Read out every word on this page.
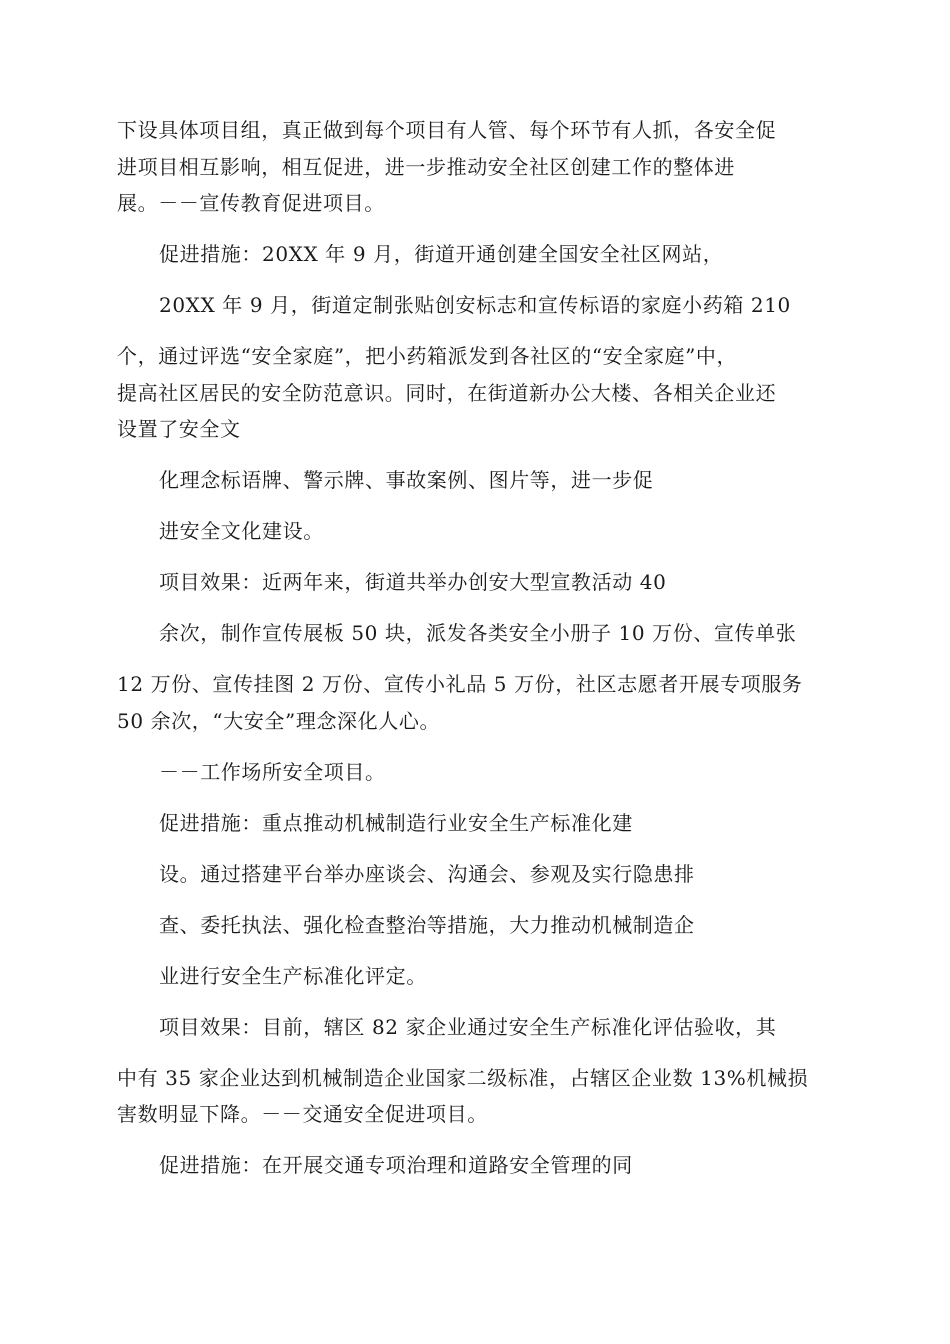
下设具体项目组，真正做到每个项目有人管、每个环节有人抓，各安全促
进项目相互影响，相互促进，进一步推动安全社区创建工作的整体进
展。－－宣传教育促进项目。

促进措施：20XX 年 9 月，街道开通创建全国安全社区网站，

20XX 年 9 月，街道定制张贴创安标志和宣传标语的家庭小药箱 210

个，通过评选“安全家庭”，把小药箱派发到各社区的“安全家庭”中，
提高社区居民的安全防范意识。同时，在街道新办公大楼、各相关企业还
设置了安全文

化理念标语牌、警示牌、事故案例、图片等，进一步促

进安全文化建设。

项目效果：近两年来，街道共举办创安大型宣教活动 40

余次，制作宣传展板 50 块，派发各类安全小册子 10 万份、宣传单张

12 万份、宣传挂图 2 万份、宣传小礼品 5 万份，社区志愿者开展专项服务
50 余次，“大安全”理念深化人心。

－－工作场所安全项目。

促进措施：重点推动机械制造行业安全生产标准化建

设。通过搭建平台举办座谈会、沟通会、参观及实行隐患排

查、委托执法、强化检查整治等措施，大力推动机械制造企

业进行安全生产标准化评定。

项目效果：目前，辖区 82 家企业通过安全生产标准化评估验收，其

中有 35 家企业达到机械制造企业国家二级标准，占辖区企业数 13%机械损
害数明显下降。－－交通安全促进项目。

促进措施：在开展交通专项治理和道路安全管理的同
